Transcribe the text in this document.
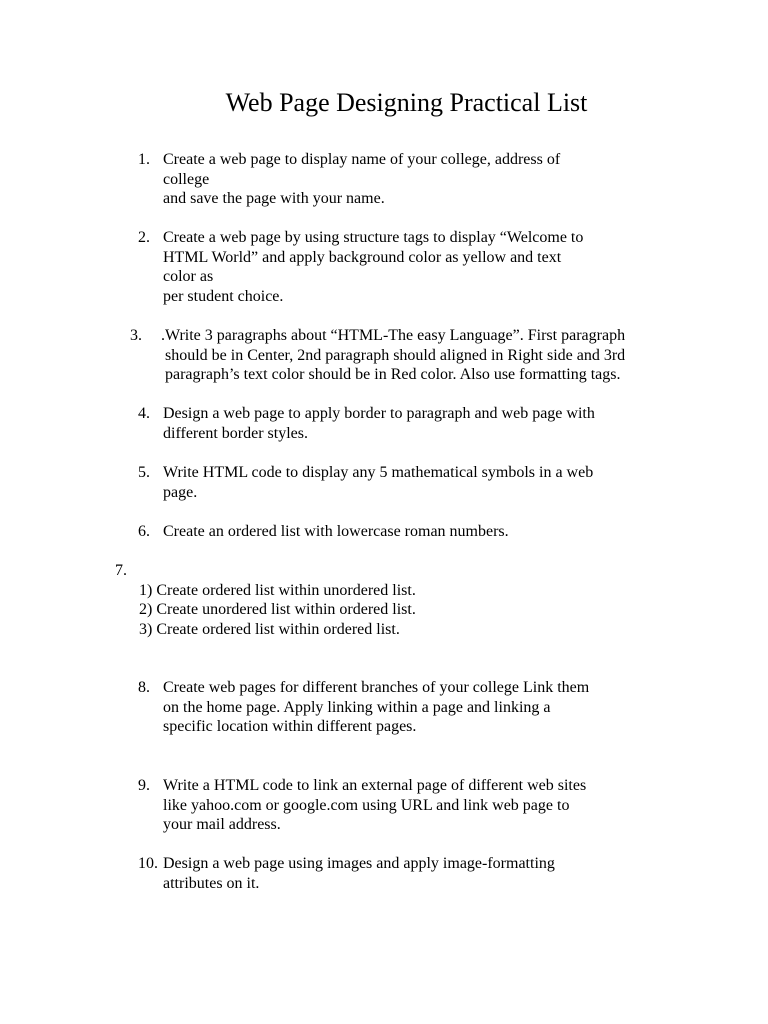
Web Page Designing Practical List
1. Create a web page to display name of your college, address of
college
and save the page with your name.
2. Create a web page by using structure tags to display “Welcome to
HTML World” and apply background color as yellow and text
color as
per student choice.
3. .Write 3 paragraphs about “HTML-The easy Language”. First paragraph
should be in Center, 2nd paragraph should aligned in Right side and 3rd
paragraph’s text color should be in Red color. Also use formatting tags.
4. Design a web page to apply border to paragraph and web page with
different border styles.
5. Write HTML code to display any 5 mathematical symbols in a web
page.
6. Create an ordered list with lowercase roman numbers.
7.
1) Create ordered list within unordered list.
2) Create unordered list within ordered list.
3) Create ordered list within ordered list.
8. Create web pages for different branches of your college Link them
on the home page. Apply linking within a page and linking a
specific location within different pages.
9. Write a HTML code to link an external page of different web sites
like yahoo.com or google.com using URL and link web page to
your mail address.
10. Design a web page using images and apply image-formatting
attributes on it.
